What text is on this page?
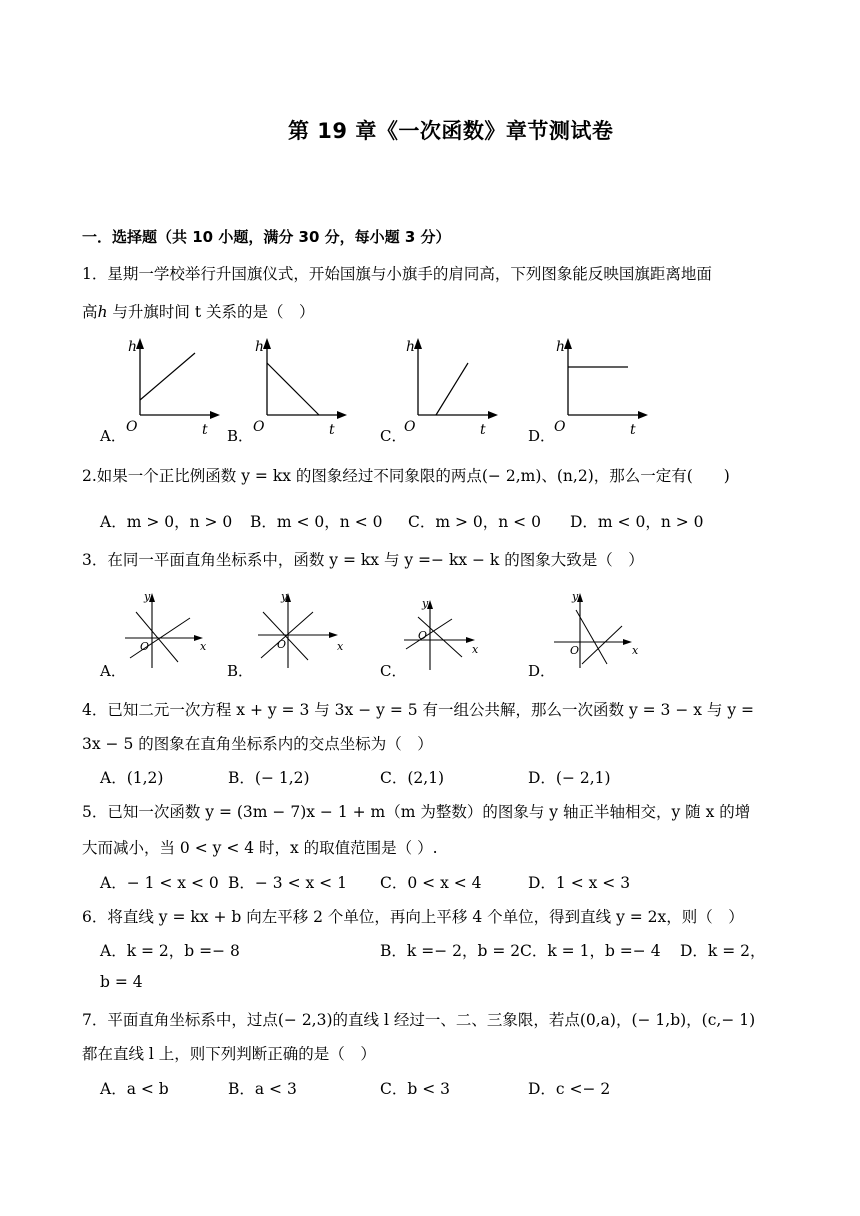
第 19 章《一次函数》章节测试卷
一．选择题（共 10 小题，满分 30 分，每小题 3 分）
1．星期一学校举行升国旗仪式，开始国旗与小旗手的肩同高，下列图象能反映国旗距离地面
高ℎ 与升旗时间 t 关系的是（　）
A．
h
O	t B．
h
O	t	C．
h
O	t	D．
h
O	t
2.如果一个正比例函数 y = kx 的图象经过不同象限的两点(− 2,m)、(n,2)，那么一定有(　　)
A．m > 0，n > 0 B．m < 0，n < 0 C．m > 0，n < 0 D．m < 0，n > 0
3．在同一平面直角坐标系中，函数 y = kx 与 y =− kx − k 的图象大致是（　）
A．
y
x
O
B．
y
x
O
C．
y
x
O
D．
y
x
O
4．已知二元一次方程 x + y = 3 与 3x − y = 5 有一组公共解，那么一次函数 y = 3 − x 与 y =
3x − 5 的图象在直角坐标系内的交点坐标为（　）
A．(1,2)	B．(− 1,2)	C．(2,1)	D．(− 2,1)
5．已知一次函数 y = (3m − 7)x − 1 + m（m 为整数）的图象与 y 轴正半轴相交，y 随 x 的增
大而减小，当 0 < y < 4 时，x 的取值范围是（ ）.
A．− 1 < x < 0 B．− 3 < x < 1 C．0 < x < 4	D．1 < x < 3
6．将直线 y = kx + b 向左平移 2 个单位，再向上平移 4 个单位，得到直线 y = 2x，则（　）
A．k = 2，b =− 8	B．k =− 2，b = 2 C．k = 1，b =− 4 D．k = 2，
b = 4
7．平面直角坐标系中，过点(− 2,3)的直线 l 经过一、二、三象限，若点(0,a)，(− 1,b)，(c,− 1)
都在直线 l 上，则下列判断正确的是（　）
A．a < b	B．a < 3	C．b < 3	D．c <− 2
